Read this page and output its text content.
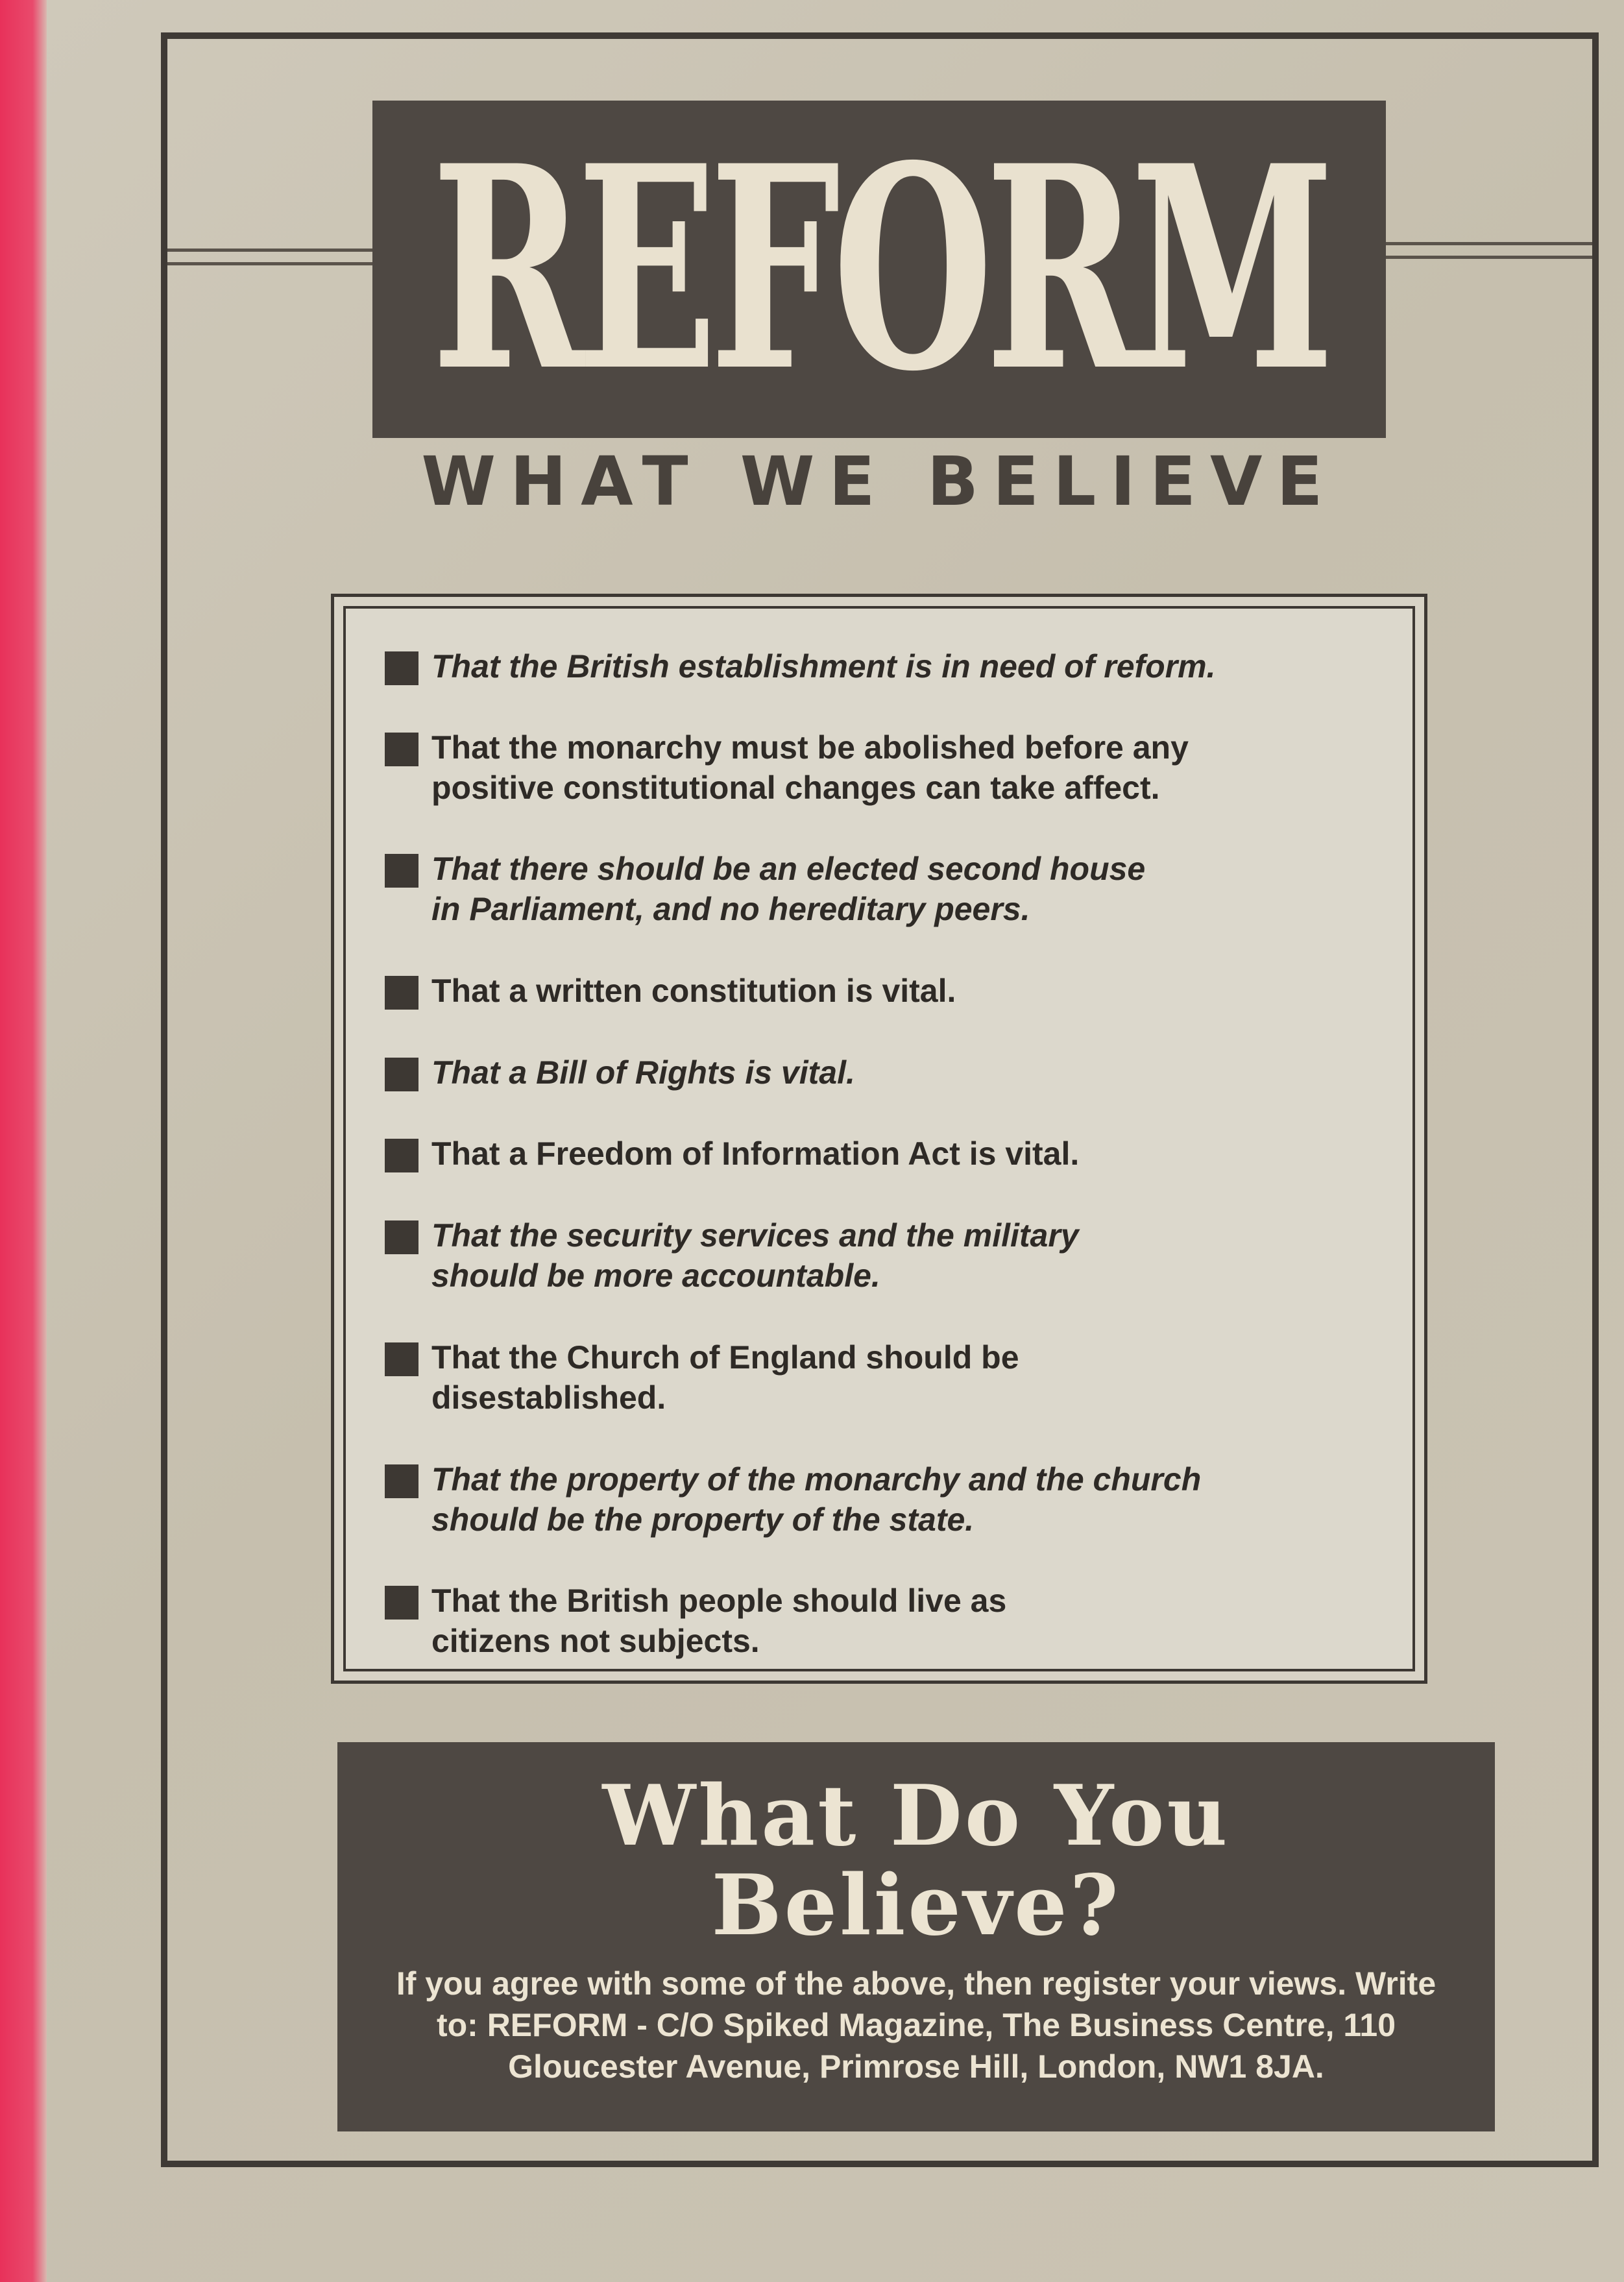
REFORM
WHAT WE BELIEVE
That the British establishment is in need of reform.
That the monarchy must be abolished before any
positive constitutional changes can take affect.
That there should be an elected second house
in Parliament, and no hereditary peers.
That a written constitution is vital.
That a Bill of Rights is vital.
That a Freedom of Information Act is vital.
That the security services and the military
should be more accountable.
That the Church of England should be
disestablished.
That the property of the monarchy and the church
should be the property of the state.
That the British people should live as
citizens not subjects.
What Do You
Believe?
If you agree with some of the above, then register your views. Write to: REFORM - C/O Spiked Magazine, The Business Centre, 110 Gloucester Avenue, Primrose Hill, London, NW1 8JA.
